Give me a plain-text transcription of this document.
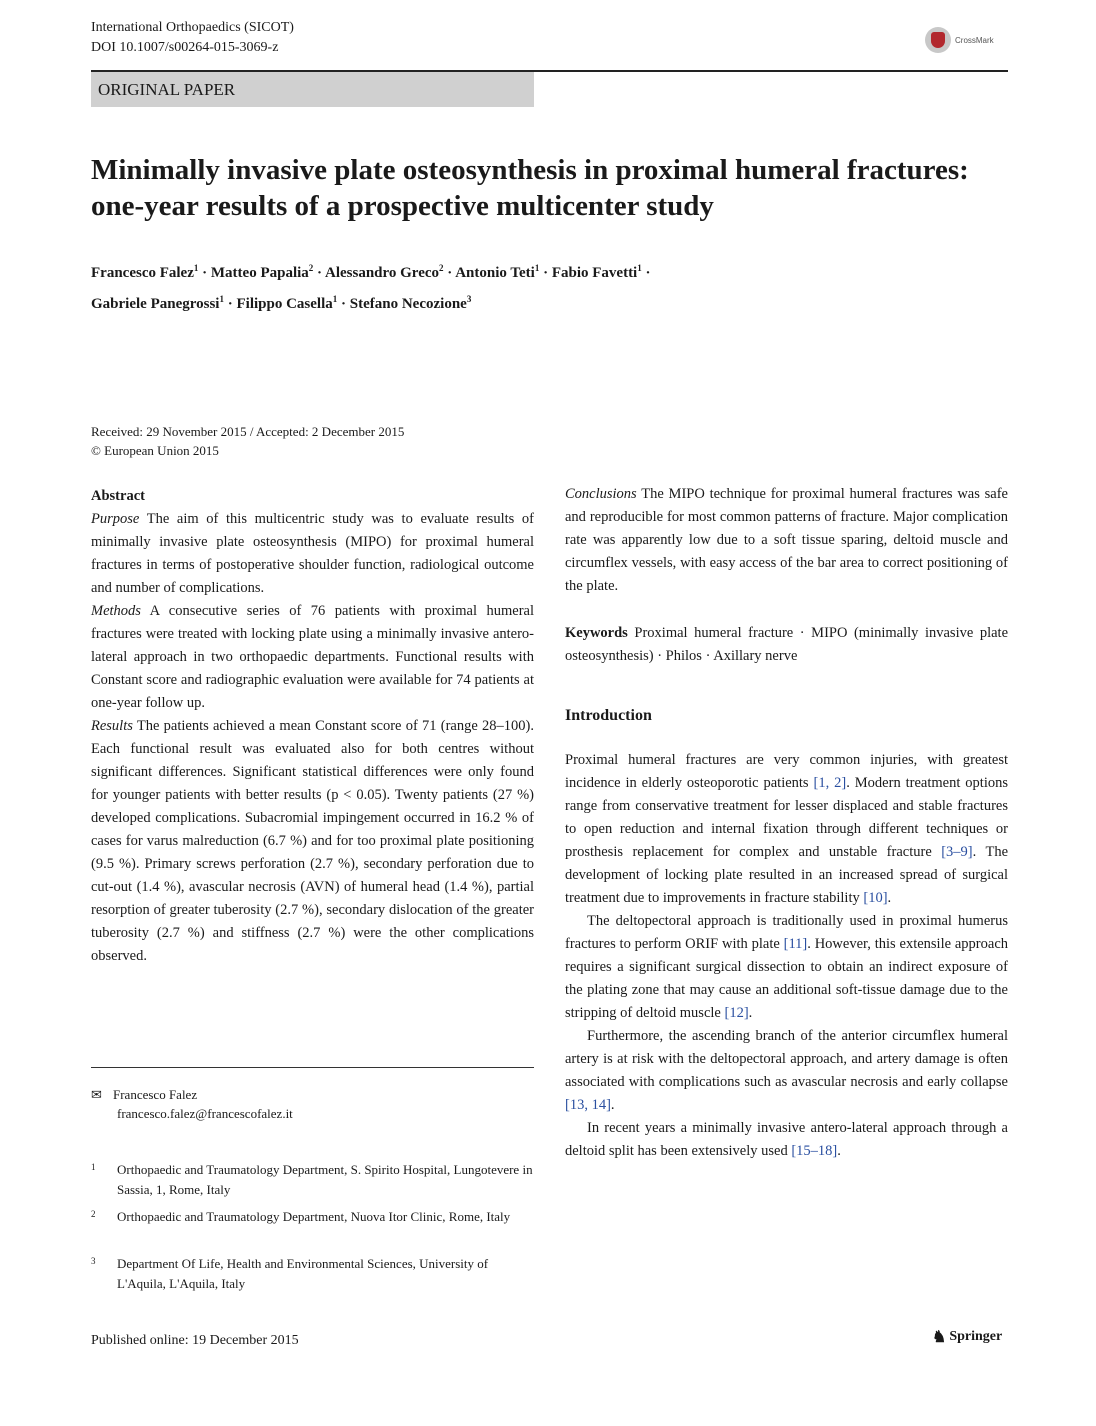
International Orthopaedics (SICOT)
DOI 10.1007/s00264-015-3069-z	CrossMark
ORIGINAL PAPER
Minimally invasive plate osteosynthesis in proximal humeral fractures: one-year results of a prospective multicenter study
Francesco Falez$^1$ · Matteo Papalia$^2$ · Alessandro Greco$^2$ · Antonio Teti$^1$ · Fabio Favetti$^1$ ·
Gabriele Panegrossi$^1$ · Filippo Casella$^1$ · Stefano Necozione$^3$
Received: 29 November 2015 / Accepted: 2 December 2015
© European Union 2015

Abstract

Purpose The aim of this multicentric study was to evaluate results of minimally invasive plate osteosynthesis (MIPO) for proximal humeral fractures in terms of postoperative shoulder function, radiological outcome and number of complications.

Methods A consecutive series of 76 patients with proximal humeral fractures were treated with locking plate using a minimally invasive antero-lateral approach in two orthopaedic departments. Functional results with Constant score and radiographic evaluation were available for 74 patients at one-year follow up.

Results The patients achieved a mean Constant score of 71 (range 28–100). Each functional result was evaluated also for both centres without significant differences. Significant statistical differences were only found for younger patients with better results (p < 0.05). Twenty patients (27 %) developed complications. Subacromial impingement occurred in 16.2 % of cases for varus malreduction (6.7 %) and for too proximal plate positioning (9.5 %). Primary screws perforation (2.7 %), secondary perforation due to cut-out (1.4 %), avascular necrosis (AVN) of humeral head (1.4 %), partial resorption of greater tuberosity (2.7 %), secondary dislocation of the greater tuberosity (2.7 %) and stiffness (2.7 %) were the other complications observed.

Conclusions The MIPO technique for proximal humeral fractures was safe and reproducible for most common patterns of fracture. Major complication rate was apparently low due to a soft tissue sparing, deltoid muscle and circumflex vessels, with easy access of the bar area to correct positioning of the plate.

Keywords Proximal humeral fracture · MIPO (minimally invasive plate osteosynthesis) · Philos · Axillary nerve

Introduction

Proximal humeral fractures are very common injuries, with greatest incidence in elderly osteoporotic patients [1, 2]. Modern treatment options range from conservative treatment for lesser displaced and stable fractures to open reduction and internal fixation through different techniques or prosthesis replacement for complex and unstable fracture [3–9]. The development of locking plate resulted in an increased spread of surgical treatment due to improvements in fracture stability [10].

The deltopectoral approach is traditionally used in proximal humerus fractures to perform ORIF with plate [11]. However, this extensile approach requires a significant surgical dissection to obtain an indirect exposure of the plating zone that may cause an additional soft-tissue damage due to the stripping of deltoid muscle [12].

Furthermore, the ascending branch of the anterior circumflex humeral artery is at risk with the deltopectoral approach, and artery damage is often associated with complications such as avascular necrosis and early collapse [13, 14].

In recent years a minimally invasive antero-lateral approach through a deltoid split has been extensively used [15–18].

✉ Francesco Falez
francesco.falez@francescofalez.it
1	Orthopaedic and Traumatology Department, S. Spirito Hospital, Lungotevere in Sassia, 1, Rome, Italy
2	Orthopaedic and Traumatology Department, Nuova Itor Clinic, Rome, Italy
3	Department Of Life, Health and Environmental Sciences, University of L'Aquila, L'Aquila, Italy
Published online: 19 December 2015	♞ Springer
